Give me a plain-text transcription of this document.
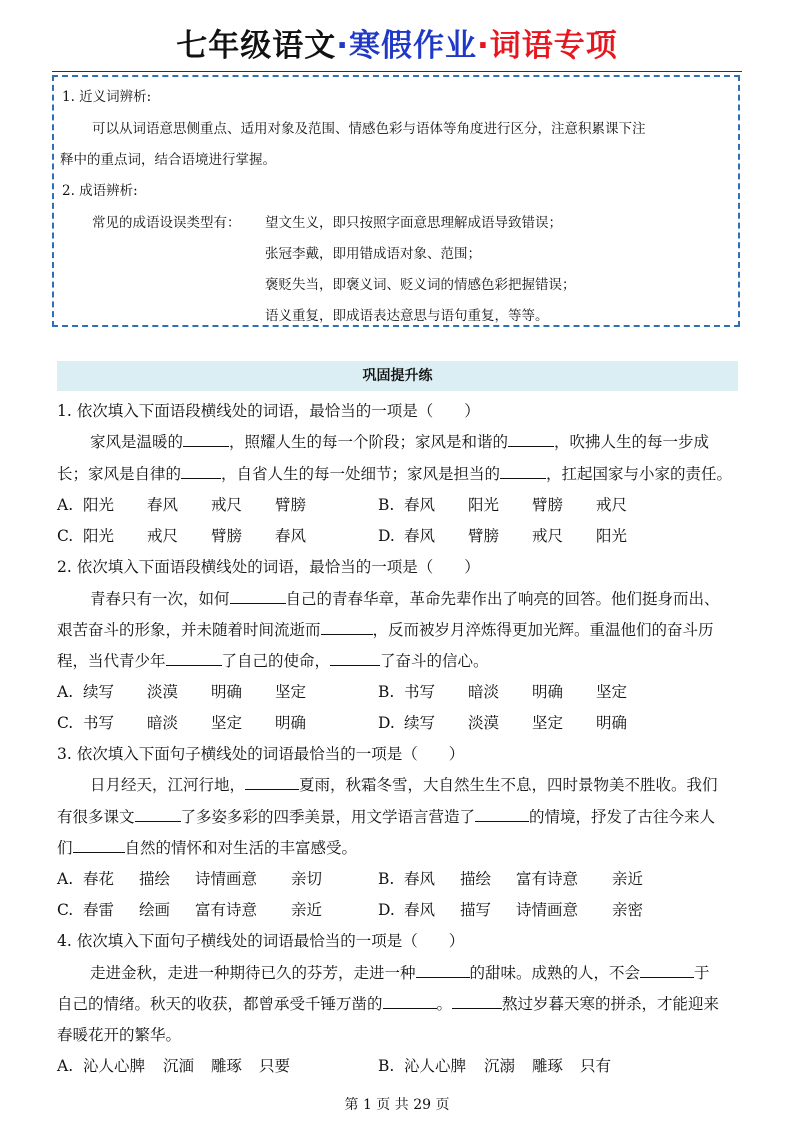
七年级语文·寒假作业·词语专项
1. 近义词辨析:
可以从词语意思侧重点、适用对象及范围、情感色彩与语体等角度进行区分，注意积累课下注
释中的重点词，结合语境进行掌握。
2. 成语辨析:
常见的成语设误类型有： 望文生义，即只按照字面意思理解成语导致错误；
张冠李戴，即用错成语对象、范围；
褒贬失当，即褒义词、贬义词的情感色彩把握错误；
语义重复，即成语表达意思与语句重复，等等。
巩固提升练
1. 依次填入下面语段横线处的词语，最恰当的一项是（　　）
家风是温暖的	，照耀人生的每一个阶段；家风是和谐的	，吹拂人生的每一步成
长；家风是自律的	，自省人生的每一处细节；家风是担当的	，扛起国家与小家的责任。
A. 阳光 春风 戒尺 臂膀	B. 春风 阳光 臂膀 戒尺
C. 阳光 戒尺 臂膀 春风	D. 春风 臂膀 戒尺 阳光
2. 依次填入下面语段横线处的词语，最恰当的一项是（　　）
青春只有一次，如何	自己的青春华章，革命先辈作出了响亮的回答。他们挺身而出、
艰苦奋斗的形象，并未随着时间流逝而	，反而被岁月淬炼得更加光辉。重温他们的奋斗历
程，当代青少年	了自己的使命，	了奋斗的信心。
A. 续写 淡漠 明确 坚定	B. 书写 暗淡 明确 坚定
C. 书写 暗淡 坚定 明确	D. 续写 淡漠 坚定 明确
3. 依次填入下面句子横线处的词语最恰当的一项是（　　）
日月经天，江河行地，	夏雨，秋霜冬雪，大自然生生不息，四时景物美不胜收。我们
有很多课文	了多姿多彩的四季美景，用文学语言营造了	的情境，抒发了古往今来人
们	自然的情怀和对生活的丰富感受。
A. 春花 描绘 诗情画意 亲切	B. 春风 描绘 富有诗意 亲近
C. 春雷 绘画 富有诗意 亲近	D. 春风 描写 诗情画意 亲密
4. 依次填入下面句子横线处的词语最恰当的一项是（　　）
走进金秋，走进一种期待已久的芬芳，走进一种	的甜味。成熟的人，不会	于
自己的情绪。秋天的收获，都曾承受千锤万凿的	。	熬过岁暮天寒的拼杀，才能迎来
春暖花开的繁华。
A. 沁人心脾 沉湎 雕琢 只要	B. 沁人心脾 沉溺 雕琢 只有
第 1 页 共 29 页
